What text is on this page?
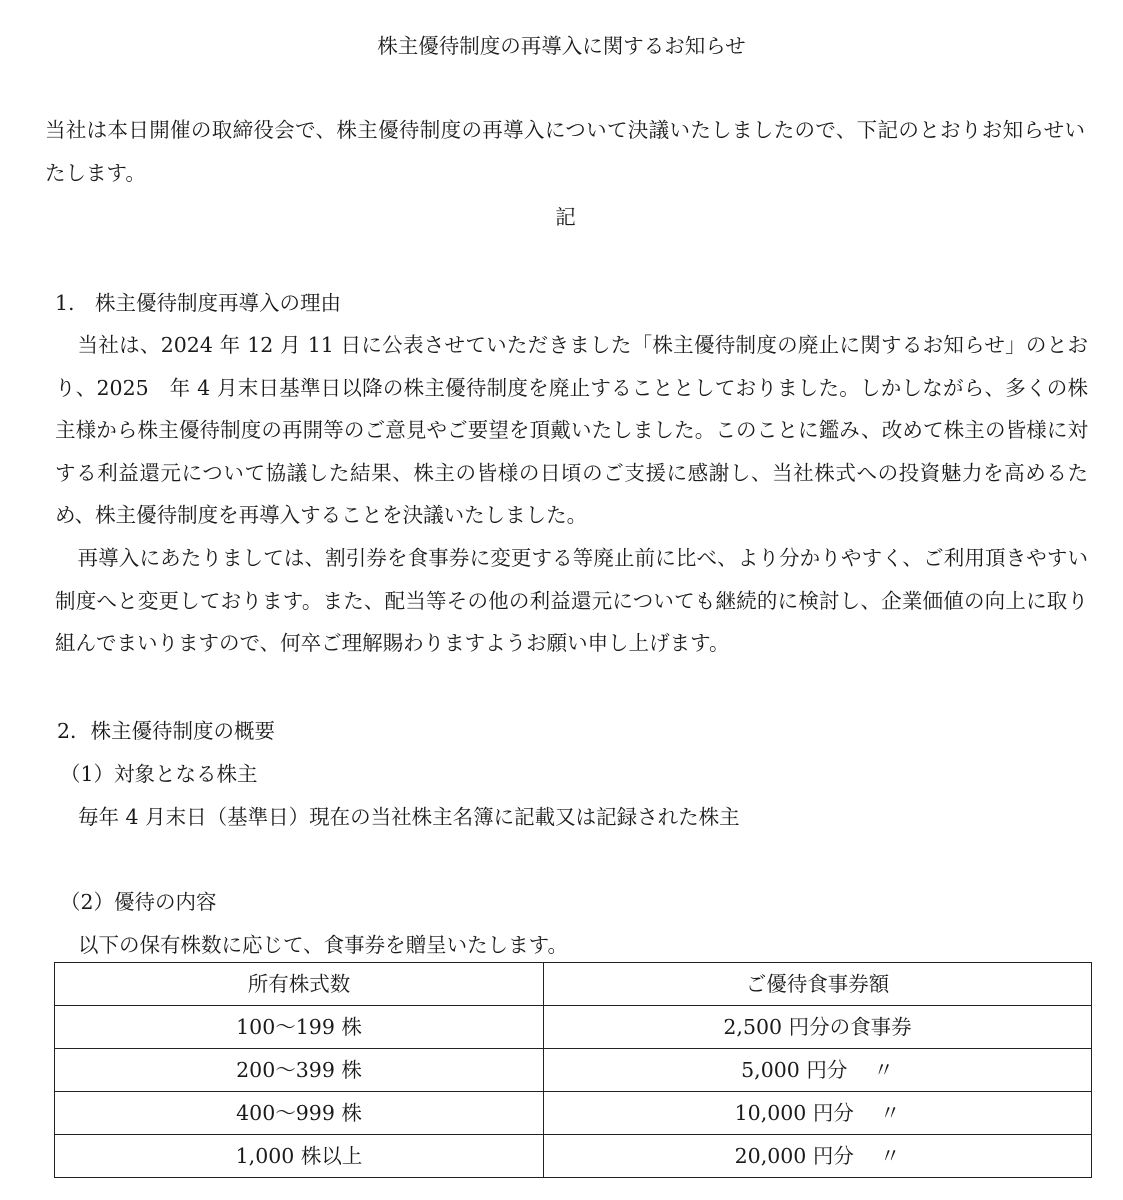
株主優待制度の再導入に関するお知らせ
当社は本日開催の取締役会で、株主優待制度の再導入について決議いたしましたので、下記のとおりお知らせいたします。
記
1.　株主優待制度再導入の理由
当社は、2024 年 12 月 11 日に公表させていただきました「株主優待制度の廃止に関するお知らせ」のとおり、2025　年 4 月末日基準日以降の株主優待制度を廃止することとしておりました。しかしながら、多くの株主様から株主優待制度の再開等のご意見やご要望を頂戴いたしました。このことに鑑み、改めて株主の皆様に対する利益還元について協議した結果、株主の皆様の日頃のご支援に感謝し、当社株式への投資魅力を高めるため、株主優待制度を再導入することを決議いたしました。
再導入にあたりましては、割引券を食事券に変更する等廃止前に比べ、より分かりやすく、ご利用頂きやすい制度へと変更しております。また、配当等その他の利益還元についても継続的に検討し、企業価値の向上に取り組んでまいりますので、何卒ご理解賜わりますようお願い申し上げます。
2．株主優待制度の概要
（1）対象となる株主
毎年 4 月末日（基準日）現在の当社株主名簿に記載又は記録された株主
（2）優待の内容
以下の保有株数に応じて、食事券を贈呈いたします。
所有株式数	ご優待食事券額
100～199 株	2,500 円分の食事券
200～399 株	5,000 円分 〃
400～999 株	10,000 円分 〃
1,000 株以上	20,000 円分 〃
